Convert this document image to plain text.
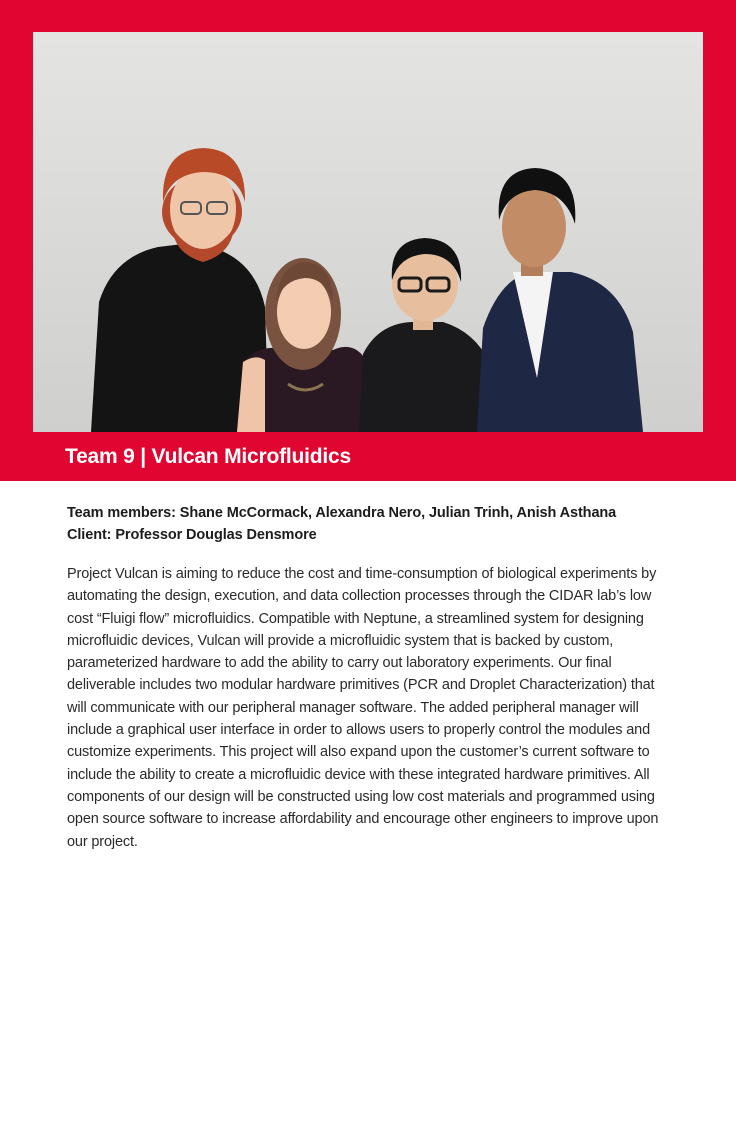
Team 9 | Vulcan Microfluidics

Team members: Shane McCormack, Alexandra Nero, Julian Trinh, Anish Asthana

Client: Professor Douglas Densmore

Project Vulcan is aiming to reduce the cost and time-consumption of biological experiments by automating the design, execution, and data collection processes through the CIDAR lab’s low cost “Fluigi flow” microfluidics. Compatible with Neptune, a streamlined system for designing microfluidic devices, Vulcan will provide a microfluidic system that is backed by custom, parameterized hardware to add the ability to carry out laboratory experiments. Our final deliverable includes two modular hardware primitives (PCR and Droplet Characterization) that will communicate with our peripheral manager software. The added peripheral manager will include a graphical user interface in order to allows users to properly control the modules and customize experiments. This project will also expand upon the customer’s current software to include the ability to create a microfluidic device with these integrated hardware primitives. All components of our design will be constructed using low cost materials and programmed using open source software to increase affordability and encourage other engineers to improve upon our project.
